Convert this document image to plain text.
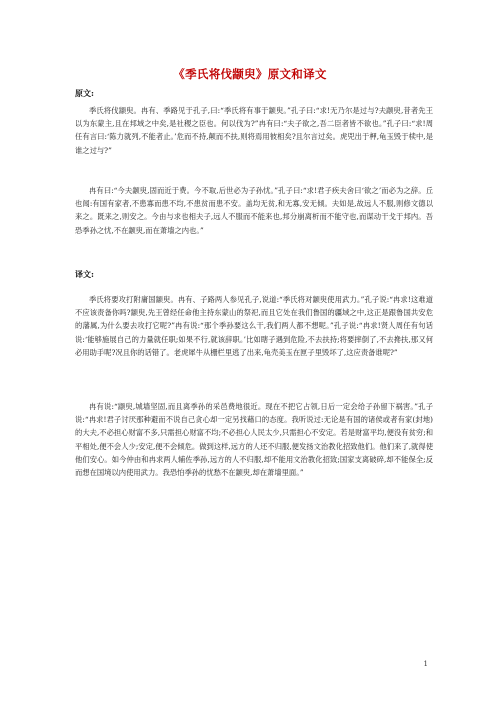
《季氏将伐颛臾》原文和译文
原文:

季氏将伐颛臾。冉有、季路见于孔子,曰:“季氏将有事于颛臾。”孔子曰:“求!无乃尔是过与?夫颛臾,昔者先王以为东蒙主,且在邦域之中矣,是社稷之臣也。何以伐为?”冉有曰:“夫子欲之,吾二臣者皆不欲也。”孔子曰:“求!周任有言曰:‘陈力就列,不能者止。’危而不持,颠而不扶,则将焉用彼相矣?且尔言过矣。虎兕出于柙,龟玉毁于椟中,是谁之过与?”

冉有曰:“今夫颛臾,固而近于费。今不取,后世必为子孙忧。”孔子曰:“求!君子疾夫舍曰‘欲之’而必为之辞。丘也闻:有国有家者,不患寡而患不均,不患贫而患不安。盖均无贫,和无寡,安无倾。夫如是,故远人不服,则修文德以来之。既来之,则安之。今由与求也相夫子,远人不服而不能来也,邦分崩离析而不能守也,而谋动干戈于邦内。吾恐季孙之忧,不在颛臾,而在萧墙之内也。”

译文:

季氏将要攻打附庸国颛臾。冉有、子路两人参见孔子,说道:“季氏将对颛臾使用武力。”孔子说:“冉求!这难道不应该责备你吗?颛臾,先王曾经任命他主持东蒙山的祭祀,而且它处在我们鲁国的疆域之中,这正是跟鲁国共安危的藩属,为什么要去攻打它呢?”冉有说:“那个季孙要这么干,我们两人都不想呢。”孔子说:“冉求!贤人周任有句话说:‘能够施展自己的力量就任职;如果不行,就该辞职。’比如瞎子遇到危险,不去扶持;将要摔倒了,不去搀扶,那又何必用助手呢?况且你的话错了。老虎犀牛从栅栏里逃了出来,龟壳美玉在匣子里毁坏了,这应责备谁呢?”

冉有说:“颛臾,城墙坚固,而且离季孙的采邑费地很近。现在不把它占领,日后一定会给子孙留下祸害。”孔子说:“冉求!君子讨厌那种避而不说自己贪心却一定另找藉口的态度。我听说过:无论是有国的诸侯或者有家(封地)的大夫,不必担心财富不多,只需担心财富不均;不必担心人民太少,只需担心不安定。若是财富平均,便没有贫穷;和平相处,便不会人少;安定,便不会倾危。做到这样,远方的人还不归服,便发扬文治教化招致他们。他们来了,就得使他们安心。如今仲由和冉求两人辅佐季孙,远方的人不归服,却不能用文治教化招致;国家支离破碎,却不能保全;反而想在国境以内使用武力。我恐怕季孙的忧愁不在颛臾,却在萧墙里面。”

1
